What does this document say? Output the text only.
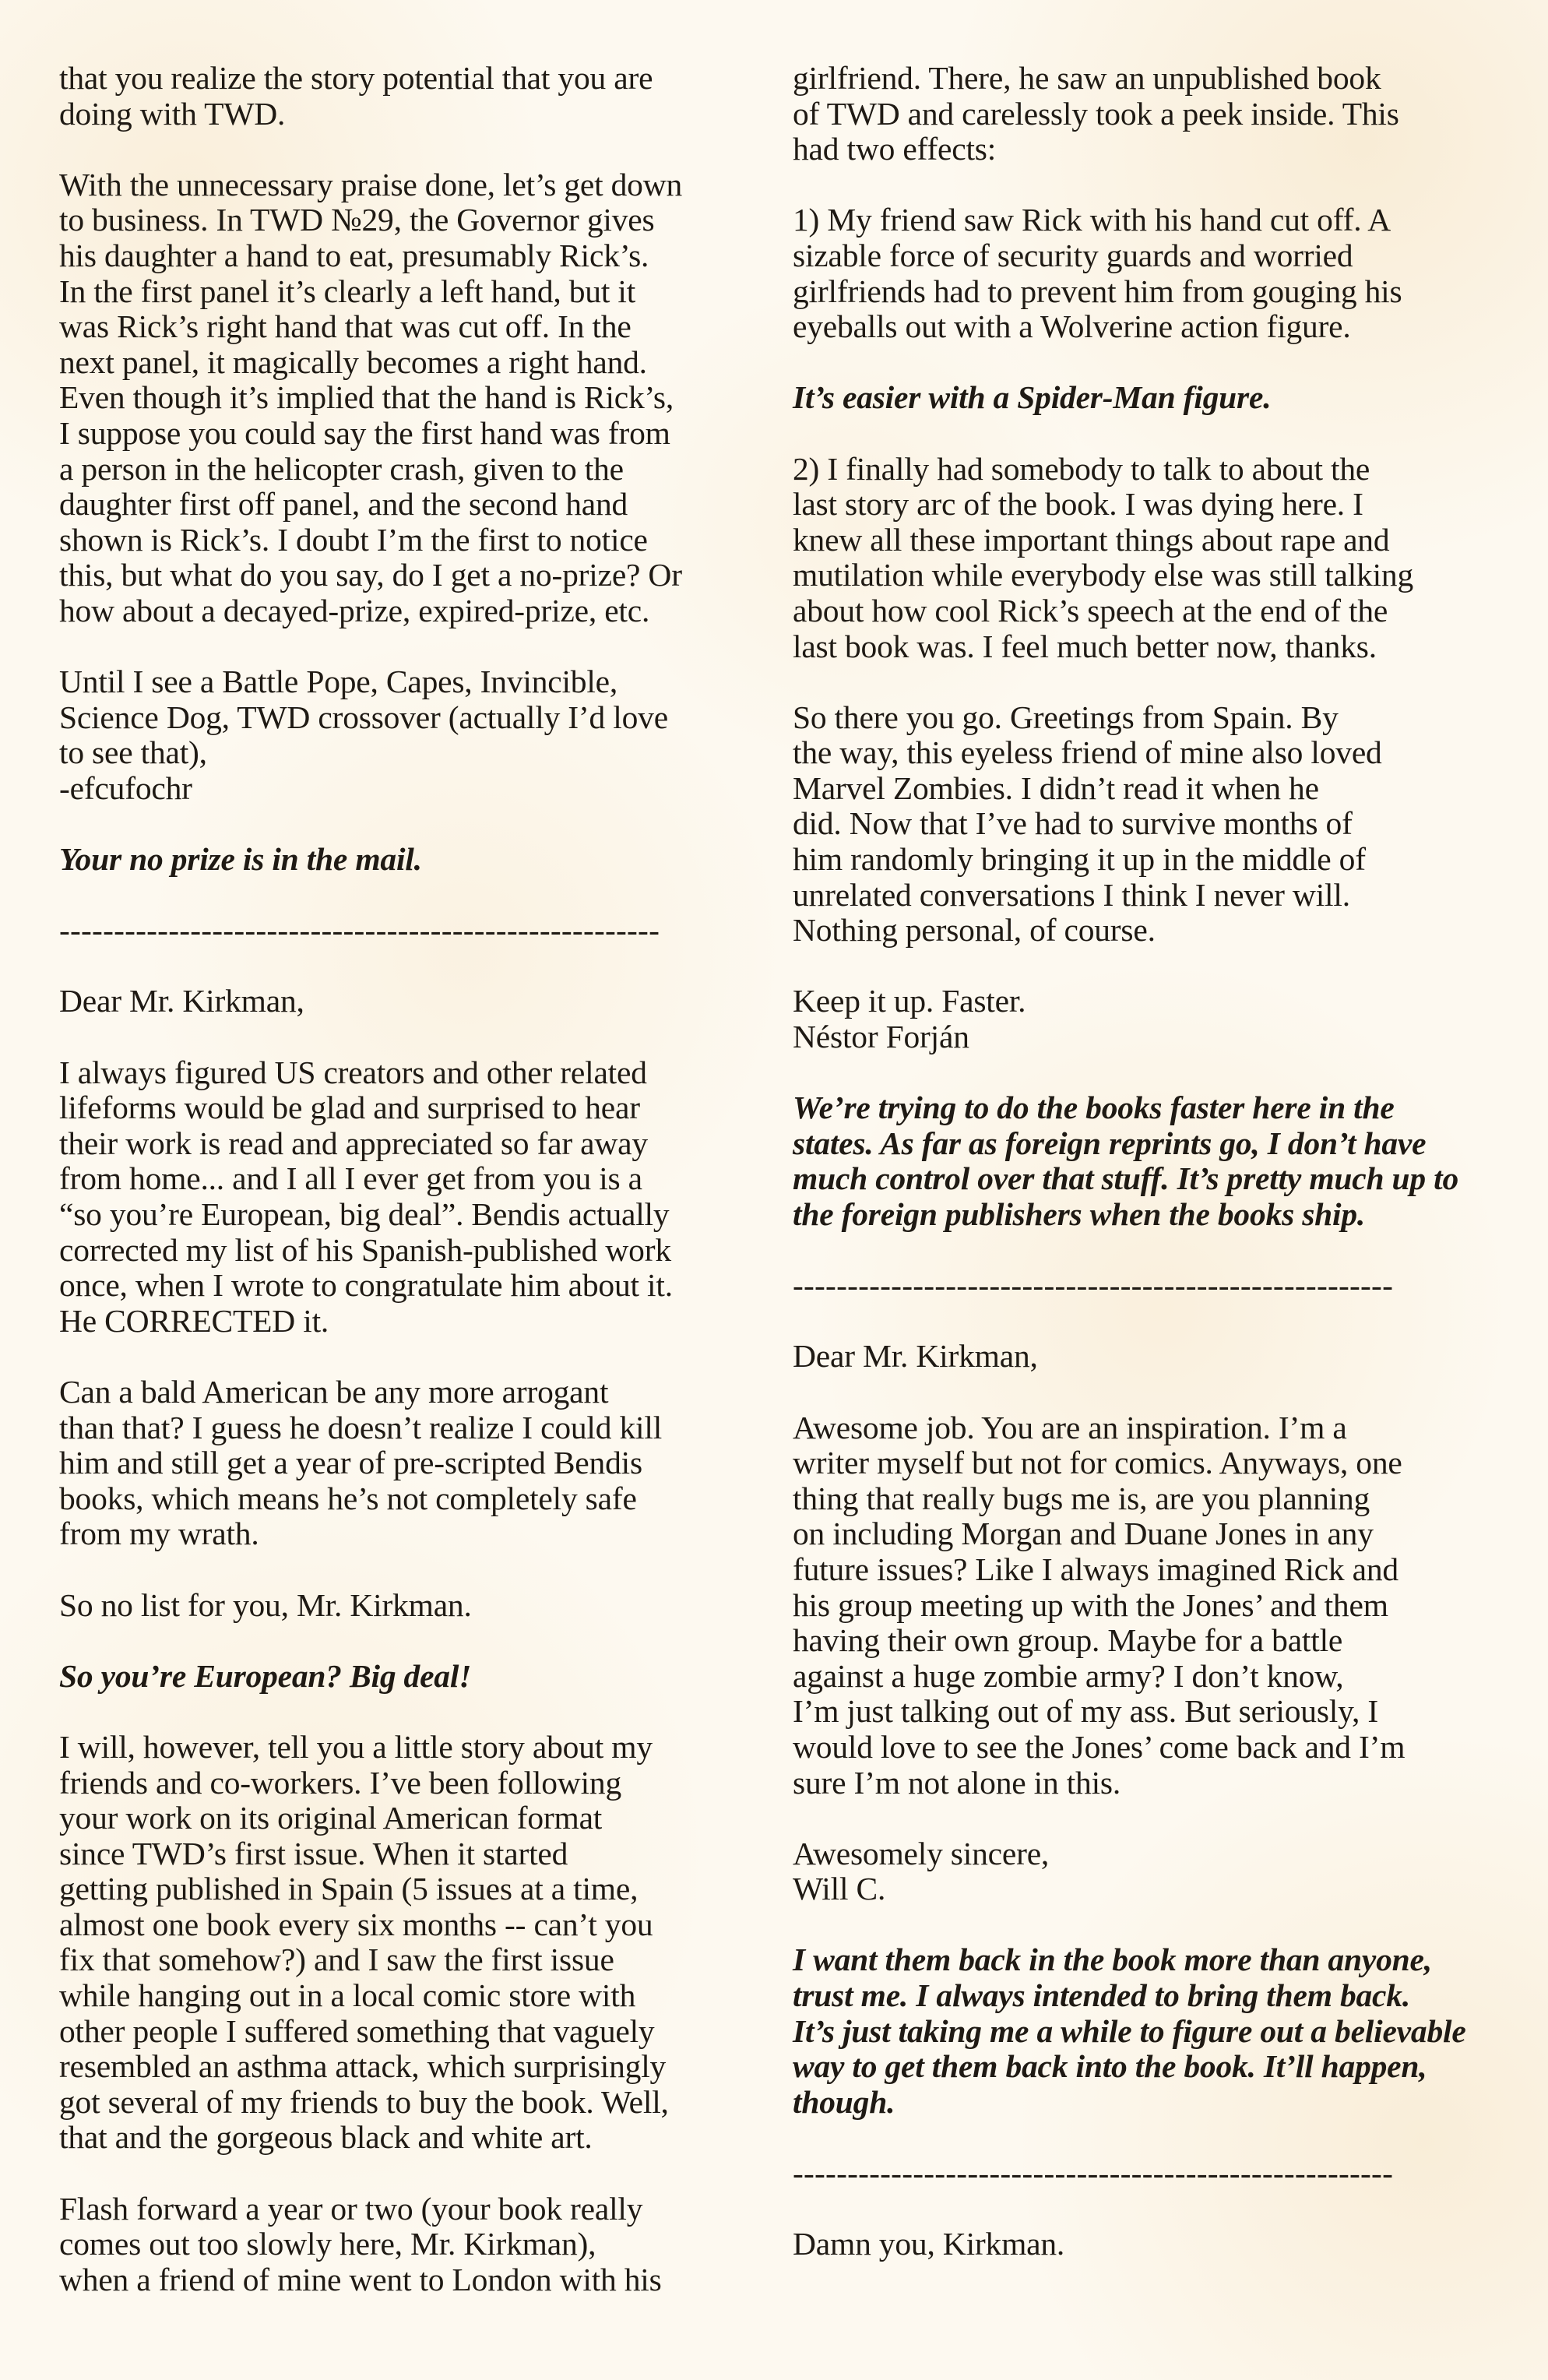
that you realize the story potential that you are
doing with TWD.
With the unnecessary praise done, let’s get down
to business. In TWD №29, the Governor gives
his daughter a hand to eat, presumably Rick’s.
In the first panel it’s clearly a left hand, but it
was Rick’s right hand that was cut off. In the
next panel, it magically becomes a right hand.
Even though it’s implied that the hand is Rick’s,
I suppose you could say the first hand was from
a person in the helicopter crash, given to the
daughter first off panel, and the second hand
shown is Rick’s. I doubt I’m the first to notice
this, but what do you say, do I get a no-prize? Or
how about a decayed-prize, expired-prize, etc.
Until I see a Battle Pope, Capes, Invincible,
Science Dog, TWD crossover (actually I’d love
to see that),
-efcufochr
Your no prize is in the mail.
-------------------------------------------------------
Dear Mr. Kirkman,
I always figured US creators and other related
lifeforms would be glad and surprised to hear
their work is read and appreciated so far away
from home... and I all I ever get from you is a
“so you’re European, big deal”. Bendis actually
corrected my list of his Spanish-published work
once, when I wrote to congratulate him about it.
He CORRECTED it.
Can a bald American be any more arrogant
than that? I guess he doesn’t realize I could kill
him and still get a year of pre-scripted Bendis
books, which means he’s not completely safe
from my wrath.
So no list for you, Mr. Kirkman.
So you’re European? Big deal!
I will, however, tell you a little story about my
friends and co-workers. I’ve been following
your work on its original American format
since TWD’s first issue. When it started
getting published in Spain (5 issues at a time,
almost one book every six months -- can’t you
fix that somehow?) and I saw the first issue
while hanging out in a local comic store with
other people I suffered something that vaguely
resembled an asthma attack, which surprisingly
got several of my friends to buy the book. Well,
that and the gorgeous black and white art.
Flash forward a year or two (your book really
comes out too slowly here, Mr. Kirkman),
when a friend of mine went to London with his
girlfriend. There, he saw an unpublished book
of TWD and carelessly took a peek inside. This
had two effects:
1) My friend saw Rick with his hand cut off. A
sizable force of security guards and worried
girlfriends had to prevent him from gouging his
eyeballs out with a Wolverine action figure.
It’s easier with a Spider-Man figure.
2) I finally had somebody to talk to about the
last story arc of the book. I was dying here. I
knew all these important things about rape and
mutilation while everybody else was still talking
about how cool Rick’s speech at the end of the
last book was. I feel much better now, thanks.
So there you go. Greetings from Spain. By
the way, this eyeless friend of mine also loved
Marvel Zombies. I didn’t read it when he
did. Now that I’ve had to survive months of
him randomly bringing it up in the middle of
unrelated conversations I think I never will.
Nothing personal, of course.
Keep it up. Faster.
Néstor Forján
We’re trying to do the books faster here in the
states. As far as foreign reprints go, I don’t have
much control over that stuff. It’s pretty much up to
the foreign publishers when the books ship.
-------------------------------------------------------
Dear Mr. Kirkman,
Awesome job. You are an inspiration. I’m a
writer myself but not for comics. Anyways, one
thing that really bugs me is, are you planning
on including Morgan and Duane Jones in any
future issues? Like I always imagined Rick and
his group meeting up with the Jones’ and them
having their own group. Maybe for a battle
against a huge zombie army? I don’t know,
I’m just talking out of my ass. But seriously, I
would love to see the Jones’ come back and I’m
sure I’m not alone in this.
Awesomely sincere,
Will C.
I want them back in the book more than anyone,
trust me. I always intended to bring them back.
It’s just taking me a while to figure out a believable
way to get them back into the book. It’ll happen,
though.
-------------------------------------------------------
Damn you, Kirkman.
